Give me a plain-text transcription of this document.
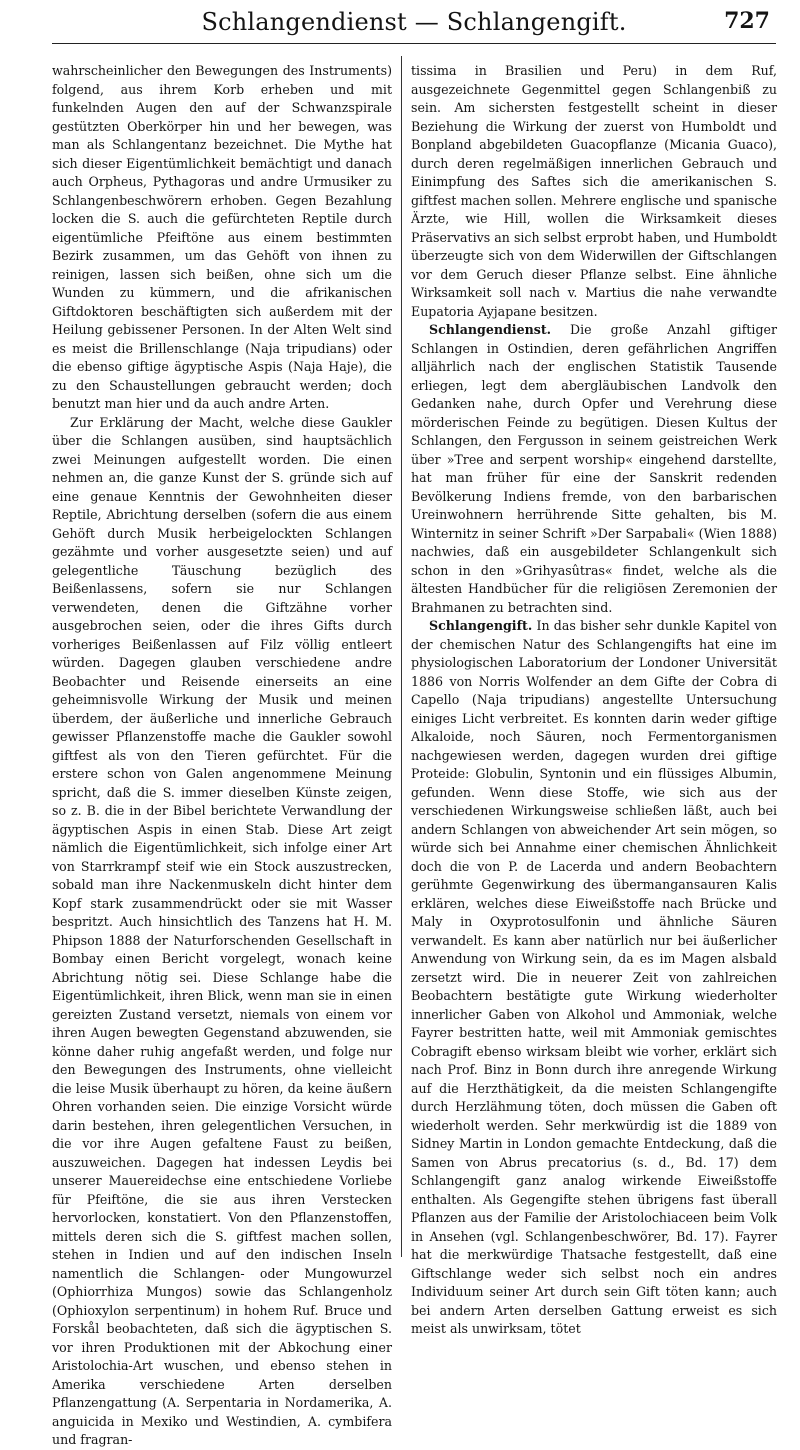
Schlangendienst — Schlangengift.	727

wahrscheinlicher den Bewegungen des Instruments) folgend, aus ihrem Korb erheben und mit funkelnden Augen den auf der Schwanzspirale gestützten Oberkörper hin und her bewegen, was man als Schlangentanz bezeichnet. Die Mythe hat sich dieser Eigentümlichkeit bemächtigt und danach auch Orpheus, Pythagoras und andre Urmusiker zu Schlangenbeschwörern erhoben. Gegen Bezahlung locken die S. auch die gefürchteten Reptile durch eigentümliche Pfeiftöne aus einem bestimmten Bezirk zusammen, um das Gehöft von ihnen zu reinigen, lassen sich beißen, ohne sich um die Wunden zu kümmern, und die afrikanischen Giftdoktoren beschäftigten sich außerdem mit der Heilung gebissener Personen. In der Alten Welt sind es meist die Brillenschlange (Naja tripudians) oder die ebenso giftige ägyptische Aspis (Naja Haje), die zu den Schaustellungen gebraucht werden; doch benutzt man hier und da auch andre Arten.

Zur Erklärung der Macht, welche diese Gaukler über die Schlangen ausüben, sind hauptsächlich zwei Meinungen aufgestellt worden. Die einen nehmen an, die ganze Kunst der S. gründe sich auf eine genaue Kenntnis der Gewohnheiten dieser Reptile, Abrichtung derselben (sofern die aus einem Gehöft durch Musik herbeigelockten Schlangen gezähmte und vorher ausgesetzte seien) und auf gelegentliche Täuschung bezüglich des Beißenlassens, sofern sie nur Schlangen verwendeten, denen die Giftzähne vorher ausgebrochen seien, oder die ihres Gifts durch vorheriges Beißenlassen auf Filz völlig entleert würden. Dagegen glauben verschiedene andre Beobachter und Reisende einerseits an eine geheimnisvolle Wirkung der Musik und meinen überdem, der äußerliche und innerliche Gebrauch gewisser Pflanzenstoffe mache die Gaukler sowohl giftfest als von den Tieren gefürchtet. Für die erstere schon von Galen angenommene Meinung spricht, daß die S. immer dieselben Künste zeigen, so z. B. die in der Bibel berichtete Verwandlung der ägyptischen Aspis in einen Stab. Diese Art zeigt nämlich die Eigentümlichkeit, sich infolge einer Art von Starrkrampf steif wie ein Stock auszustrecken, sobald man ihre Nackenmuskeln dicht hinter dem Kopf stark zusammendrückt oder sie mit Wasser bespritzt. Auch hinsichtlich des Tanzens hat H. M. Phipson 1888 der Naturforschenden Gesellschaft in Bombay einen Bericht vorgelegt, wonach keine Abrichtung nötig sei. Diese Schlange habe die Eigentümlichkeit, ihren Blick, wenn man sie in einen gereizten Zustand versetzt, niemals von einem vor ihren Augen bewegten Gegenstand abzuwenden, sie könne daher ruhig angefaßt werden, und folge nur den Bewegungen des Instruments, ohne vielleicht die leise Musik überhaupt zu hören, da keine äußern Ohren vorhanden seien. Die einzige Vorsicht würde darin bestehen, ihren gelegentlichen Versuchen, in die vor ihre Augen gefaltene Faust zu beißen, auszuweichen. Dagegen hat indessen Leydis bei unserer Mauereidechse eine entschiedene Vorliebe für Pfeiftöne, die sie aus ihren Verstecken hervorlocken, konstatiert. Von den Pflanzenstoffen, mittels deren sich die S. giftfest machen sollen, stehen in Indien und auf den indischen Inseln namentlich die Schlangen- oder Mungowurzel (Ophiorrhiza Mungos) sowie das Schlangenholz (Ophioxylon serpentinum) in hohem Ruf. Bruce und Forskål beobachteten, daß sich die ägyptischen S. vor ihren Produktionen mit der Abkochung einer Aristolochia-Art wuschen, und ebenso stehen in Amerika verschiedene Arten derselben Pflanzengattung (A. Serpentaria in Nordamerika, A. anguicida in Mexiko und Westindien, A. cymbifera und fragran-

tissima in Brasilien und Peru) in dem Ruf, ausgezeichnete Gegenmittel gegen Schlangenbiß zu sein. Am sichersten festgestellt scheint in dieser Beziehung die Wirkung der zuerst von Humboldt und Bonpland abgebildeten Guacopflanze (Micania Guaco), durch deren regelmäßigen innerlichen Gebrauch und Einimpfung des Saftes sich die amerikanischen S. giftfest machen sollen. Mehrere englische und spanische Ärzte, wie Hill, wollen die Wirksamkeit dieses Präservativs an sich selbst erprobt haben, und Humboldt überzeugte sich von dem Widerwillen der Giftschlangen vor dem Geruch dieser Pflanze selbst. Eine ähnliche Wirksamkeit soll nach v. Martius die nahe verwandte Eupatoria Ayjapane besitzen.

Schlangendienst. Die große Anzahl giftiger Schlangen in Ostindien, deren gefährlichen Angriffen alljährlich nach der englischen Statistik Tausende erliegen, legt dem abergläubischen Landvolk den Gedanken nahe, durch Opfer und Verehrung diese mörderischen Feinde zu begütigen. Diesen Kultus der Schlangen, den Fergusson in seinem geistreichen Werk über »Tree and serpent worship« eingehend darstellte, hat man früher für eine der Sanskrit redenden Bevölkerung Indiens fremde, von den barbarischen Ureinwohnern herrührende Sitte gehalten, bis M. Winternitz in seiner Schrift »Der Sarpabali« (Wien 1888) nachwies, daß ein ausgebildeter Schlangenkult sich schon in den »Grihyasûtras« findet, welche als die ältesten Handbücher für die religiösen Zeremonien der Brahmanen zu betrachten sind.

Schlangengift. In das bisher sehr dunkle Kapitel von der chemischen Natur des Schlangengifts hat eine im physiologischen Laboratorium der Londoner Universität 1886 von Norris Wolfender an dem Gifte der Cobra di Capello (Naja tripudians) angestellte Untersuchung einiges Licht verbreitet. Es konnten darin weder giftige Alkaloide, noch Säuren, noch Fermentorganismen nachgewiesen werden, dagegen wurden drei giftige Proteide: Globulin, Syntonin und ein flüssiges Albumin, gefunden. Wenn diese Stoffe, wie sich aus der verschiedenen Wirkungsweise schließen läßt, auch bei andern Schlangen von abweichender Art sein mögen, so würde sich bei Annahme einer chemischen Ähnlichkeit doch die von P. de Lacerda und andern Beobachtern gerühmte Gegenwirkung des übermangansauren Kalis erklären, welches diese Eiweißstoffe nach Brücke und Maly in Oxyprotosulfonin und ähnliche Säuren verwandelt. Es kann aber natürlich nur bei äußerlicher Anwendung von Wirkung sein, da es im Magen alsbald zersetzt wird. Die in neuerer Zeit von zahlreichen Beobachtern bestätigte gute Wirkung wiederholter innerlicher Gaben von Alkohol und Ammoniak, welche Fayrer bestritten hatte, weil mit Ammoniak gemischtes Cobragift ebenso wirksam bleibt wie vorher, erklärt sich nach Prof. Binz in Bonn durch ihre anregende Wirkung auf die Herzthätigkeit, da die meisten Schlangengifte durch Herzlähmung töten, doch müssen die Gaben oft wiederholt werden. Sehr merkwürdig ist die 1889 von Sidney Martin in London gemachte Entdeckung, daß die Samen von Abrus precatorius (s. d., Bd. 17) dem Schlangengift ganz analog wirkende Eiweißstoffe enthalten. Als Gegengifte stehen übrigens fast überall Pflanzen aus der Familie der Aristolochiaceen beim Volk in Ansehen (vgl. Schlangenbeschwörer, Bd. 17). Fayrer hat die merkwürdige Thatsache festgestellt, daß eine Giftschlange weder sich selbst noch ein andres Individuum seiner Art durch sein Gift töten kann; auch bei andern Arten derselben Gattung erweist es sich meist als unwirksam, tötet
